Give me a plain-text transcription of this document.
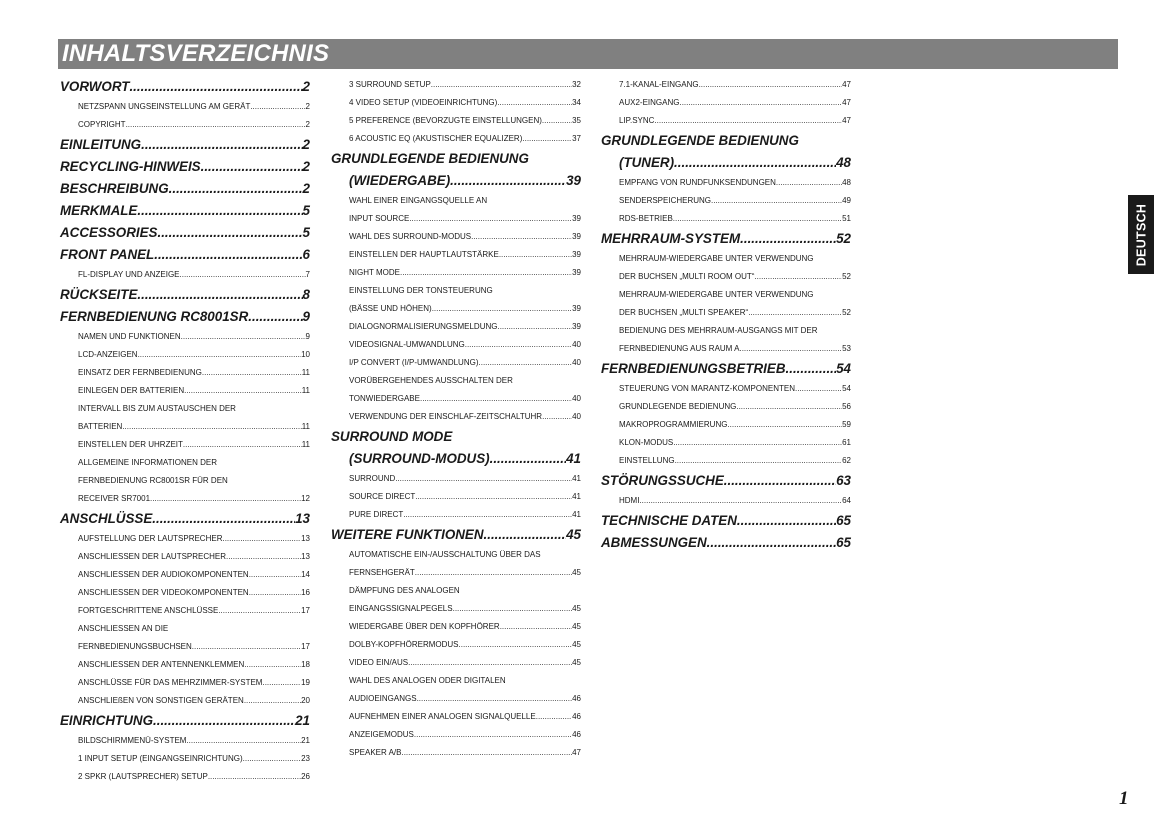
INHALTSVERZEICHNIS
VORWORT .....	2
NETZSPANN UNGSEINSTELLUNG AM GERÄT .....	2
COPYRIGHT .....	2
EINLEITUNG .....	2
RECYCLING-HINWEIS .....	2
BESCHREIBUNG .....	2
MERKMALE .....	5
ACCESSORIES .....	5
FRONT PANEL .....	6
FL-DISPLAY UND ANZEIGE .....	7
RÜCKSEITE .....	8
FERNBEDIENUNG RC8001SR .....	9
NAMEN UND FUNKTIONEN .....	9
LCD-ANZEIGEN .....	10
EINSATZ DER FERNBEDIENUNG .....	11
EINLEGEN DER BATTERIEN .....	11
INTERVALL BIS ZUM AUSTAUSCHEN DER
BATTERIEN .....	11
EINSTELLEN DER UHRZEIT .....	11
ALLGEMEINE INFORMATIONEN DER
FERNBEDIENUNG RC8001SR FÜR DEN
RECEIVER SR7001 .....	12
ANSCHLÜSSE .....	13
AUFSTELLUNG DER LAUTSPRECHER .....	13
ANSCHLIESSEN DER LAUTSPRECHER .....	13
ANSCHLIESSEN DER AUDIOKOMPONENTEN .....	14
ANSCHLIESSEN DER VIDEOKOMPONENTEN .....	16
FORTGESCHRITTENE ANSCHLÜSSE .....	17
ANSCHLIESSEN AN DIE
FERNBEDIENUNGSBUCHSEN .....	17
ANSCHLIESSEN DER ANTENNENKLEMMEN .....	18
ANSCHLÜSSE FÜR DAS MEHRZIMMER-SYSTEM .....	19
ANSCHLIEßEN VON SONSTIGEN GERÄTEN .....	20
EINRICHTUNG .....	21
BILDSCHIRMMENÜ-SYSTEM .....	21
1 INPUT SETUP (EINGANGSEINRICHTUNG) .....	23
2 SPKR (LAUTSPRECHER) SETUP .....	26
3 SURROUND SETUP .....	32
4 VIDEO SETUP (VIDEOEINRICHTUNG) .....	34
5 PREFERENCE (BEVORZUGTE EINSTELLUNGEN) .....	35
6 ACOUSTIC EQ (AKUSTISCHER EQUALIZER) .....	37
GRUNDLEGENDE BEDIENUNG
(WIEDERGABE) .....	39
WAHL EINER EINGANGSQUELLE AN
INPUT SOURCE .....	39
WAHL DES SURROUND-MODUS .....	39
EINSTELLEN DER HAUPTLAUTSTÄRKE .....	39
NIGHT MODE .....	39
EINSTELLUNG DER TONSTEUERUNG
(BÄSSE UND HÖHEN) .....	39
DIALOGNORMALISIERUNGSMELDUNG .....	39
VIDEOSIGNAL-UMWANDLUNG .....	40
I/P CONVERT (I/P-UMWANDLUNG) .....	40
VORÜBERGEHENDES AUSSCHALTEN DER
TONWIEDERGABE .....	40
VERWENDUNG DER EINSCHLAF-ZEITSCHALTUHR .....	40
SURROUND MODE
(SURROUND-MODUS) .....	41
SURROUND .....	41
SOURCE DIRECT .....	41
PURE DIRECT .....	41
WEITERE FUNKTIONEN .....	45
AUTOMATISCHE EIN-/AUSSCHALTUNG ÜBER DAS
FERNSEHGERÄT .....	45
DÄMPFUNG DES ANALOGEN
EINGANGSSIGNALPEGELS .....	45
WIEDERGABE ÜBER DEN KOPFHÖRER .....	45
DOLBY-KOPFHÖRERMODUS .....	45
VIDEO EIN/AUS .....	45
WAHL DES ANALOGEN ODER DIGITALEN
AUDIOEINGANGS .....	46
AUFNEHMEN EINER ANALOGEN SIGNALQUELLE .....	46
ANZEIGEMODUS .....	46
SPEAKER A/B .....	47
7.1-KANAL-EINGANG .....	47
AUX2-EINGANG .....	47
LIP.SYNC .....	47
GRUNDLEGENDE BEDIENUNG
(TUNER) .....	48
EMPFANG VON RUNDFUNKSENDUNGEN .....	48
SENDERSPEICHERUNG .....	49
RDS-BETRIEB .....	51
MEHRRAUM-SYSTEM .....	52
MEHRRAUM-WIEDERGABE UNTER VERWENDUNG
DER BUCHSEN „MULTI ROOM OUT“ .....	52
MEHRRAUM-WIEDERGABE UNTER VERWENDUNG
DER BUCHSEN „MULTI SPEAKER“ .....	52
BEDIENUNG DES MEHRRAUM-AUSGANGS MIT DER
FERNBEDIENUNG AUS RAUM A .....	53
FERNBEDIENUNGSBETRIEB .....	54
STEUERUNG VON MARANTZ-KOMPONENTEN .....	54
GRUNDLEGENDE BEDIENUNG .....	56
MAKROPROGRAMMIERUNG .....	59
KLON-MODUS .....	61
EINSTELLUNG .....	62
STÖRUNGSSUCHE .....	63
HDMI .....	64
TECHNISCHE DATEN .....	65
ABMESSUNGEN .....	65
DEUTSCH
1
